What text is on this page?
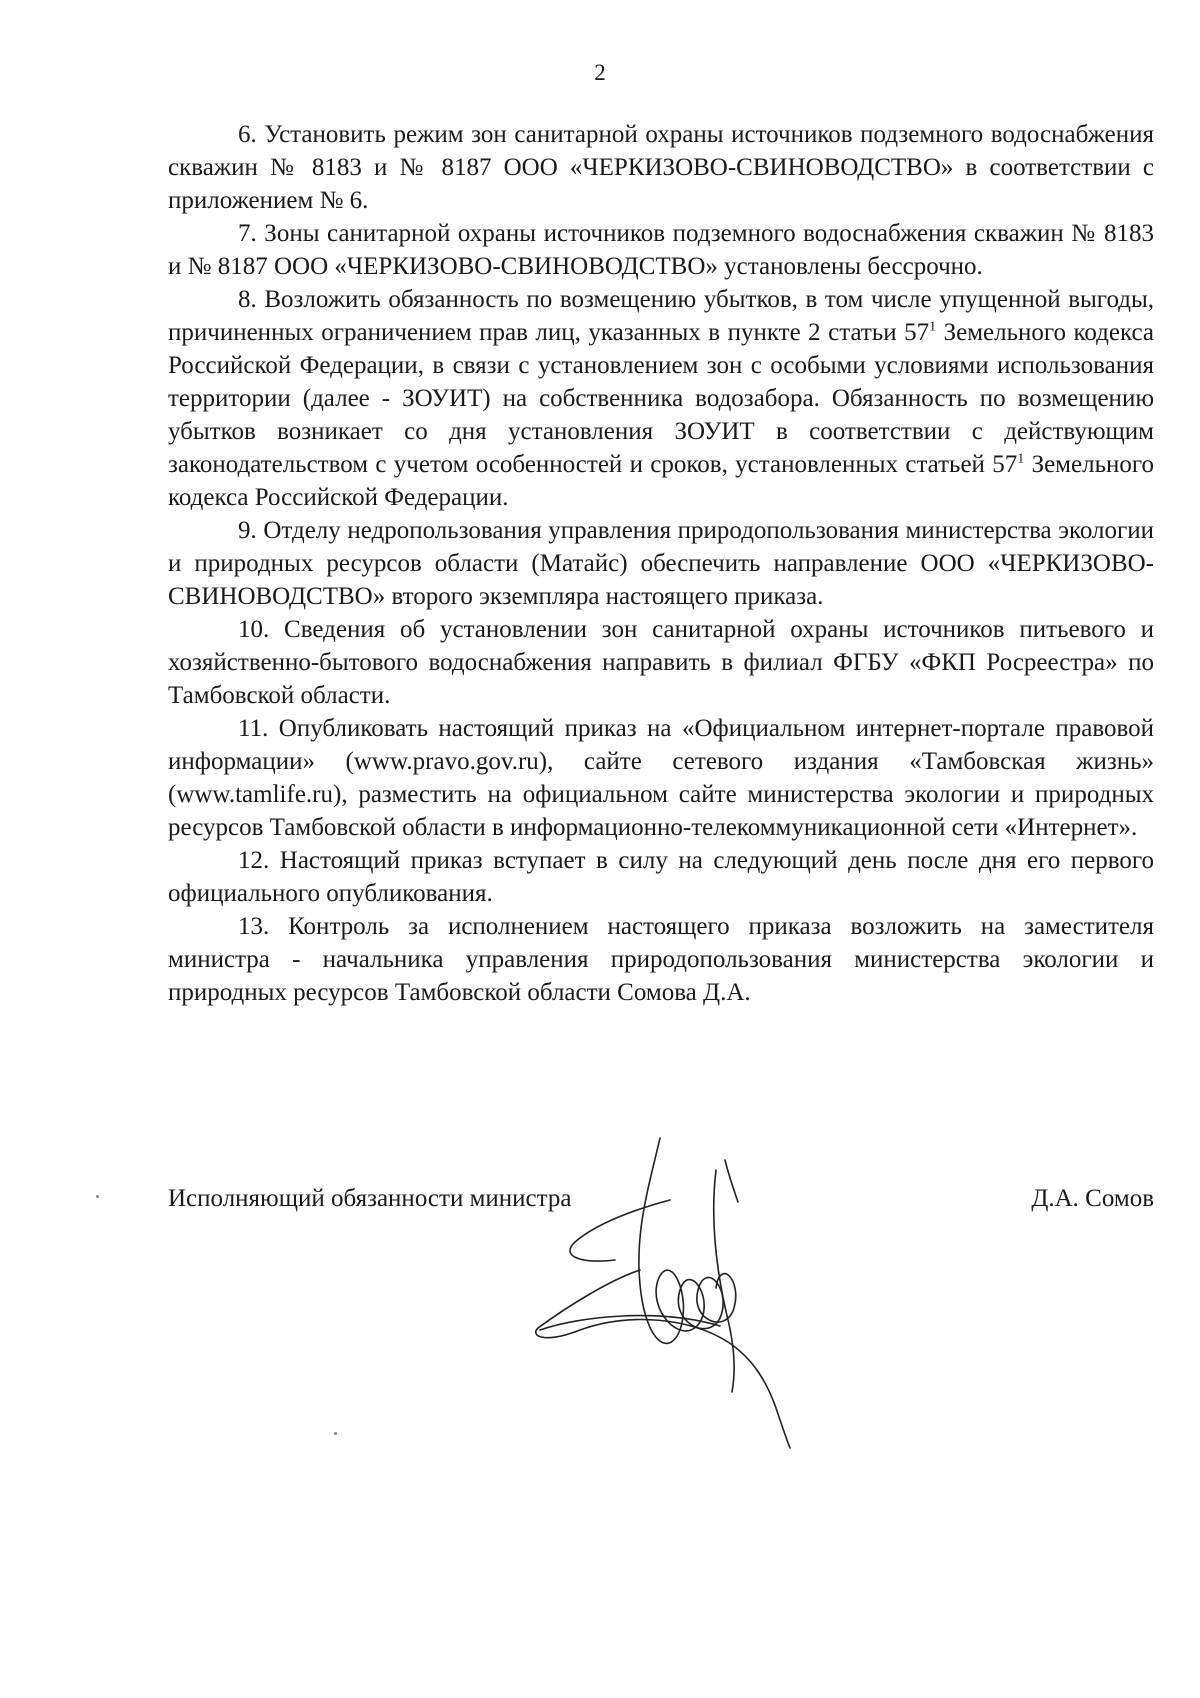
2

6. Установить режим зон санитарной охраны источников подземного водоснабжения скважин № 8183 и № 8187 ООО «ЧЕРКИЗОВО-СВИНОВОДСТВО» в соответствии с приложением № 6.

7. Зоны санитарной охраны источников подземного водоснабжения скважин № 8183 и № 8187 ООО «ЧЕРКИЗОВО-СВИНОВОДСТВО» установлены бессрочно.

8. Возложить обязанность по возмещению убытков, в том числе упущенной выгоды, причиненных ограничением прав лиц, указанных в пункте 2 статьи $57^1$ Земельного кодекса Российской Федерации, в связи с установлением зон с особыми условиями использования территории (далее - ЗОУИТ) на собственника водозабора. Обязанность по возмещению убытков возникает со дня установления ЗОУИТ в соответствии с действующим законодательством с учетом особенностей и сроков, установленных статьей $57^1$ Земельного кодекса Российской Федерации.

9. Отделу недропользования управления природопользования министерства экологии и природных ресурсов области (Матайс) обеспечить направление ООО «ЧЕРКИЗОВО-СВИНОВОДСТВО» второго экземпляра настоящего приказа.

10. Сведения об установлении зон санитарной охраны источников питьевого и хозяйственно-бытового водоснабжения направить в филиал ФГБУ «ФКП Росреестра» по Тамбовской области.

11. Опубликовать настоящий приказ на «Официальном интернет-портале правовой информации» (www.pravo.gov.ru), сайте сетевого издания «Тамбовская жизнь» (www.tamlife.ru), разместить на официальном сайте министерства экологии и природных ресурсов Тамбовской области в информационно-телекоммуникационной сети «Интернет».

12. Настоящий приказ вступает в силу на следующий день после дня его первого официального опубликования.

13. Контроль за исполнением настоящего приказа возложить на заместителя министра - начальника управления природопользования министерства экологии и природных ресурсов Тамбовской области Сомова Д.А.

Исполняющий обязанности министра	Д.А. Сомов
